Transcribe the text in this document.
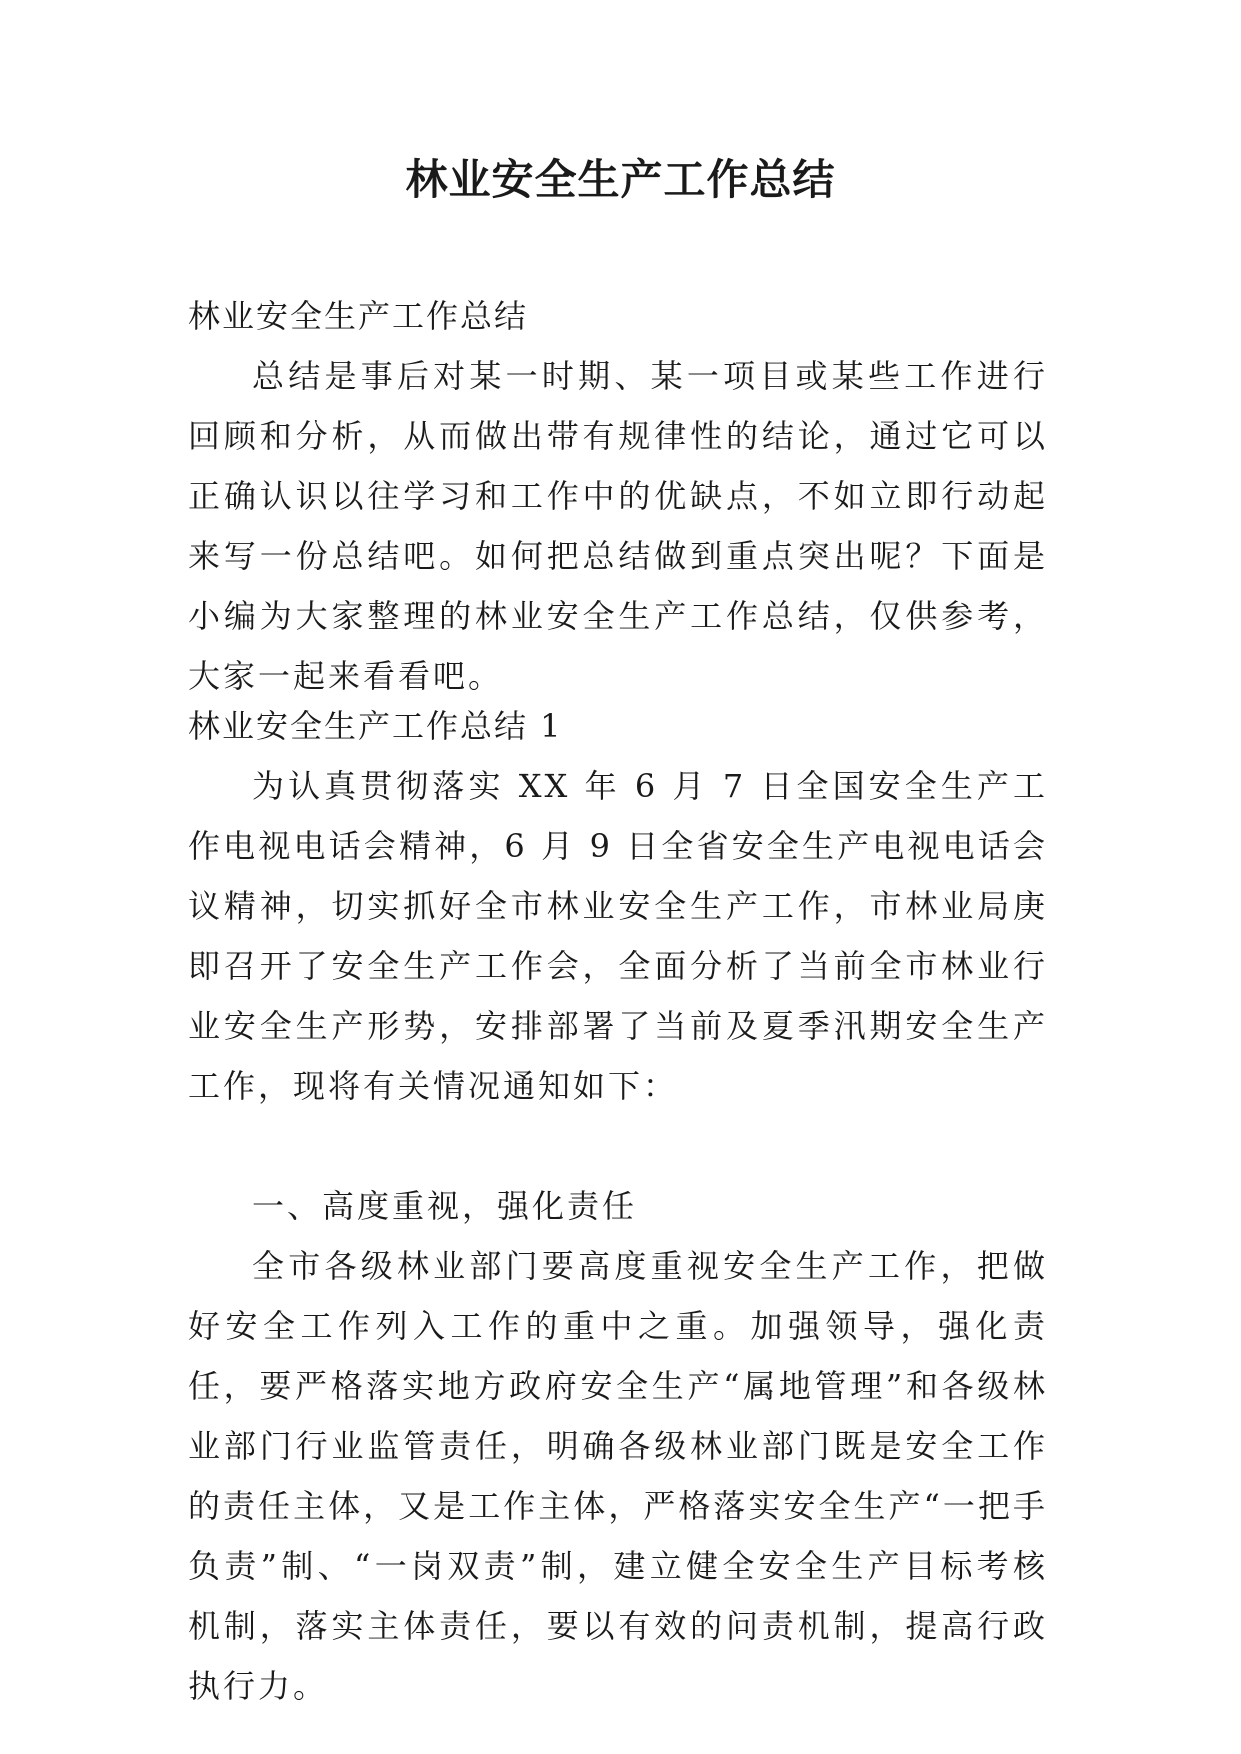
林业安全生产工作总结

林业安全生产工作总结

总结是事后对某一时期、某一项目或某些工作进行回顾和分析，从而做出带有规律性的结论，通过它可以正确认识以往学习和工作中的优缺点，不如立即行动起来写一份总结吧。如何把总结做到重点突出呢？下面是小编为大家整理的林业安全生产工作总结，仅供参考，大家一起来看看吧。

林业安全生产工作总结 1

为认真贯彻落实 XX 年 6 月 7 日全国安全生产工作电视电话会精神，6 月 9 日全省安全生产电视电话会议精神，切实抓好全市林业安全生产工作，市林业局庚即召开了安全生产工作会，全面分析了当前全市林业行业安全生产形势，安排部署了当前及夏季汛期安全生产工作，现将有关情况通知如下：

一、高度重视，强化责任

全市各级林业部门要高度重视安全生产工作，把做好安全工作列入工作的重中之重。加强领导，强化责任，要严格落实地方政府安全生产“属地管理”和各级林业部门行业监管责任，明确各级林业部门既是安全工作的责任主体，又是工作主体，严格落实安全生产“一把手负责”制、“一岗双责”制，建立健全安全生产目标考核机制，落实主体责任，要以有效的问责机制，提高行政执行力。
